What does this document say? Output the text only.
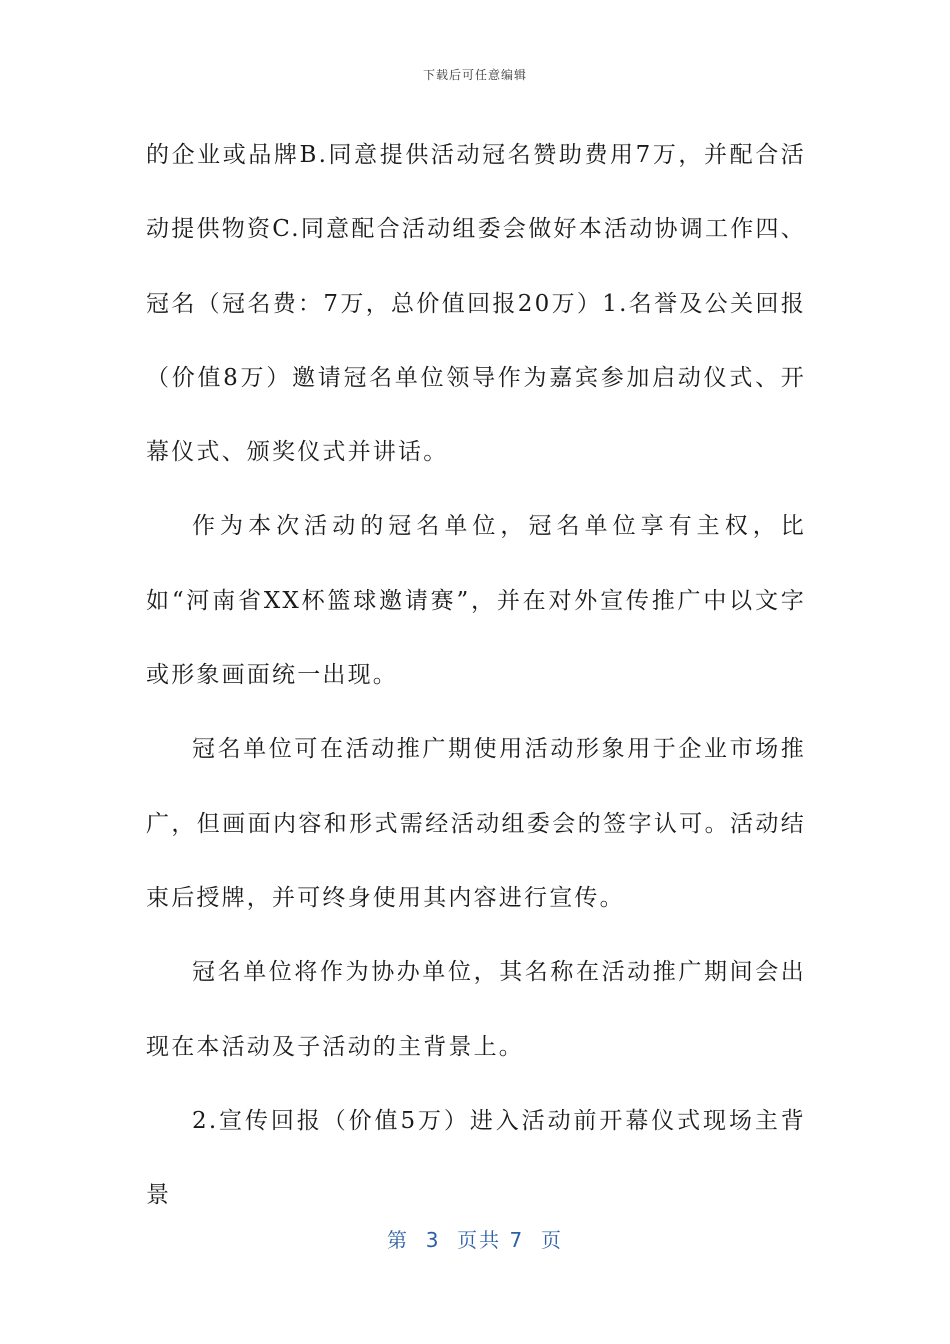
下载后可任意编辑

的企业或品牌B.同意提供活动冠名赞助费用7万，并配合活动提供物资C.同意配合活动组委会做好本活动协调工作四、冠名（冠名费：7万，总价值回报20万）1.名誉及公关回报（价值8万）邀请冠名单位领导作为嘉宾参加启动仪式、开幕仪式、颁奖仪式并讲话。

作为本次活动的冠名单位，冠名单位享有主权，比如“河南省XX杯篮球邀请赛”，并在对外宣传推广中以文字或形象画面统一出现。

冠名单位可在活动推广期使用活动形象用于企业市场推广，但画面内容和形式需经活动组委会的签字认可。活动结束后授牌，并可终身使用其内容进行宣传。

冠名单位将作为协办单位，其名称在活动推广期间会出现在本活动及子活动的主背景上。

2.宣传回报（价值5万）进入活动前开幕仪式现场主背景

第  3  页共 7  页
